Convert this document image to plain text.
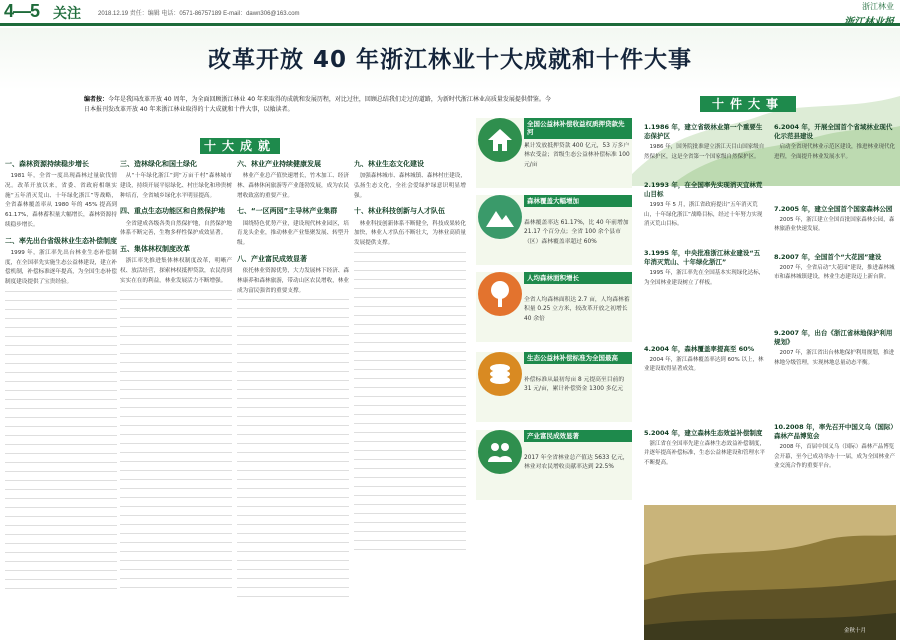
4—5 关注	2018.12.19 责任：编辑 电话：0571-86757189 E-mail：dawn306@163.com
浙江林业
浙江林业报
改革开放 40 年浙江林业十大成就和十件大事
编者按：今年是我国改革开放 40 周年，为全面回顾浙江林业 40 年来取得的成就和发展历程，对比过往，回顾总结我们走过的道路，为新时代浙江林业高质量发展提供借鉴。今日本报刊发改革开放 40 年来浙江林业取得的十大成就和十件大事，以飨读者。
十大成就
十件大事
一、森林资源持续稳步增长

1981 年，全省一度出现森林过量砍伐情况。改革开放以来，省委、省政府相继实施“五年消灭荒山、十年绿化浙江”等战略，全省森林覆盖率从 1980 年的 45% 提高到 61.17%，森林蓄积量大幅增长，森林资源持续稳步增长。

二、率先出台省级林业生态补偿制度

1999 年，浙江率先出台林业生态补偿制度，在全国率先实施生态公益林建设，建立补偿机制，补偿标准逐年提高，为全国生态补偿制度建设提供了宝贵经验。

三、造林绿化和国土绿化

从“十年绿化浙江”到“万亩千村”森林城市建设，持续开展平原绿化、村庄绿化和珍贵树种培育，全省城乡绿化水平明显提高。

四、重点生态功能区和自然保护地

全省建成各级各类自然保护地，自然保护地体系不断完善，生物多样性保护成效显著。

五、集体林权制度改革

浙江率先推进集体林权制度改革，明晰产权、放活经营，探索林权抵押贷款，农民得到实实在在的利益，林业发展活力不断增强。

六、林业产业持续健康发展

林业产业总产值快速增长，竹木加工、经济林、森林休闲旅游等产业蓬勃发展，成为农民增收致富的重要产业。

七、“一区两园”主导林产业集群

围绕特色优势产业，建设现代林业园区，培育龙头企业，推动林业产业集聚发展、转型升级。

八、产业富民成效显著

依托林业资源优势，大力发展林下经济、森林康养和森林旅游，带动山区农民增收，林业成为富民强省的重要支撑。

九、林业生态文化建设

加强森林城市、森林城镇、森林村庄建设，弘扬生态文化，全社会爱绿护绿意识明显增强。

十、林业科技创新与人才队伍

林业科技创新体系不断健全，科技成果转化加快，林业人才队伍不断壮大，为林业高质量发展提供支撑。

全国公益林补偿收益权质押贷款先河
累计发放抵押贷款 400 亿元，53 万多户林农受益；省级生态公益林补偿标准 100 元/亩
森林覆盖大幅增加
森林覆盖率达 61.17%，比 40 年前增加 21.17 个百分点；全省 100 余个县市（区）森林覆盖率超过 60%
人均森林面积增长
全省人均森林面积达 2.7 亩，人均森林蓄积量 0.25 立方米，较改革开放之初增长 40 余倍
生态公益林补偿标准为全国最高
补偿标准从最初每亩 8 元提高至目前的 31 元/亩，累计补偿资金 1300 多亿元
产业富民成效显著
2017 年全省林业总产值达 5633 亿元，林业对农民增收贡献率达到 22.5%
1.1986 年，建立省级林业第一个重要生态保护区

1986 年，国务院批准建立浙江天目山国家级自然保护区，这是全省第一个国家级自然保护区。

2.1993 年，在全国率先实现消灭宜林荒山目标

1993 年 5 月，浙江省政府提出“五年消灭荒山，十年绿化浙江”战略目标，经过十年努力实现消灭荒山目标。

3.1995 年，中央批准浙江林业建设“五年消灭荒山、十年绿化浙江”

1995 年，浙江率先在全国基本实现绿化达标，为全国林业建设树立了样板。

4.2004 年，森林覆盖率提高至 60%

2004 年，浙江森林覆盖率达到 60% 以上，林业建设取得显著成效。

5.2004 年，建立森林生态效益补偿制度

浙江省在全国率先建立森林生态效益补偿制度，并逐年提高补偿标准，生态公益林建设和管理水平不断提高。

6.2004 年，开展全国首个省域林业现代化示范县建设

启动全省现代林业示范区建设，推进林业现代化进程，全面提升林业发展水平。

7.2005 年，建立全国首个国家森林公园

2005 年，浙江建立全国首批国家森林公园，森林旅游业快速发展。

8.2007 年，全国首个“大花园”建设

2007 年，全省启动“大花园”建设，推进森林城市和森林城镇建设，林业生态建设迈上新台阶。

9.2007 年，出台《浙江省林地保护利用规划》

2007 年，浙江省出台林地保护利用规划，推进林地分级管理，实现林地总量动态平衡。

10.2008 年，率先召开中国义乌（国际）森林产品博览会

2008 年，首届中国义乌（国际）森林产品博览会开幕，至今已成功举办十一届，成为全国林业产业交流合作的重要平台。

金秋十月
